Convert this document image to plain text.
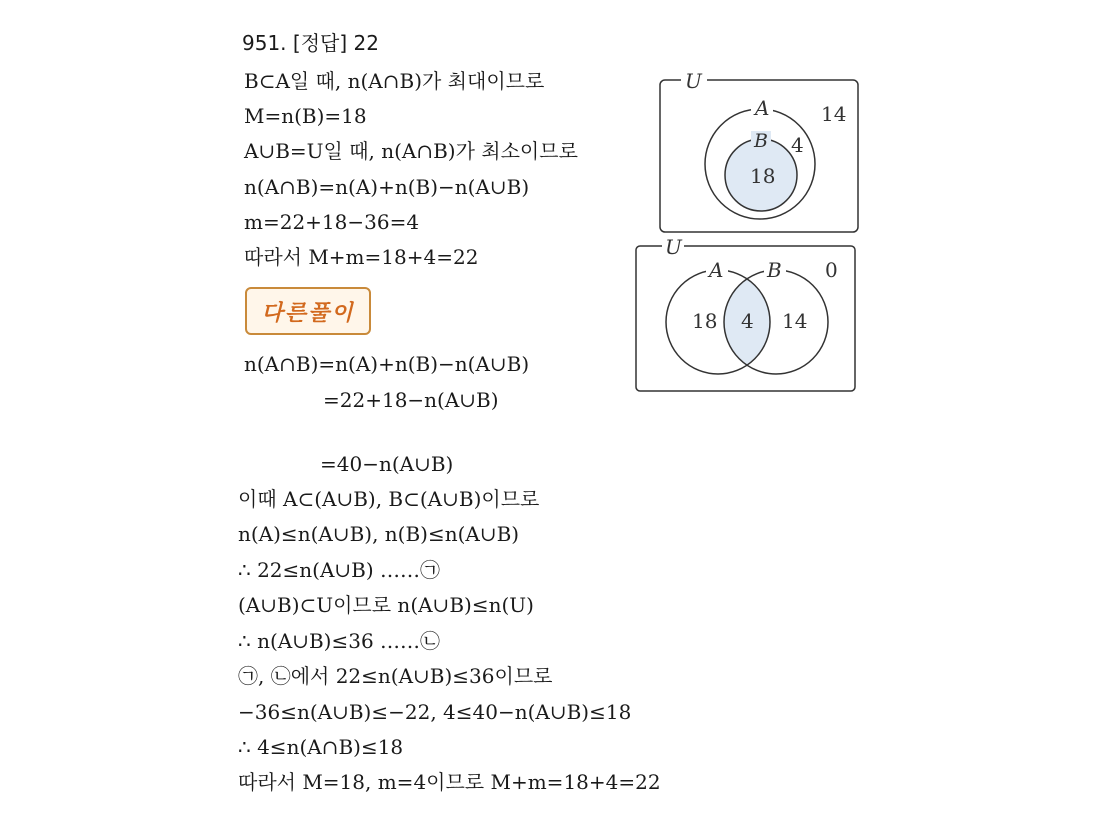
951. [정답] 22
B⊂A일 때, n(A∩B)가 최대이므로
M=n(B)=18
A∪B=U일 때, n(A∩B)가 최소이므로
n(A∩B)=n(A)+n(B)−n(A∪B)
m=22+18−36=4
따라서 M+m=18+4=22
다른풀이
n(A∩B)=n(A)+n(B)−n(A∪B)
=22+18−n(A∪B)
=40−n(A∪B)
이때 A⊂(A∪B), B⊂(A∪B)이므로
n(A)≤n(A∪B), n(B)≤n(A∪B)
∴ 22≤n(A∪B) ……㉠
(A∪B)⊂U이므로 n(A∪B)≤n(U)
∴ n(A∪B)≤36 ……㉡
㉠, ㉡에서 22≤n(A∪B)≤36이므로
−36≤n(A∪B)≤−22, 4≤40−n(A∪B)≤18
∴ 4≤n(A∩B)≤18
따라서 M=18, m=4이므로 M+m=18+4=22
U
A
B
14
4
18
U
A B 0
18 4 14
